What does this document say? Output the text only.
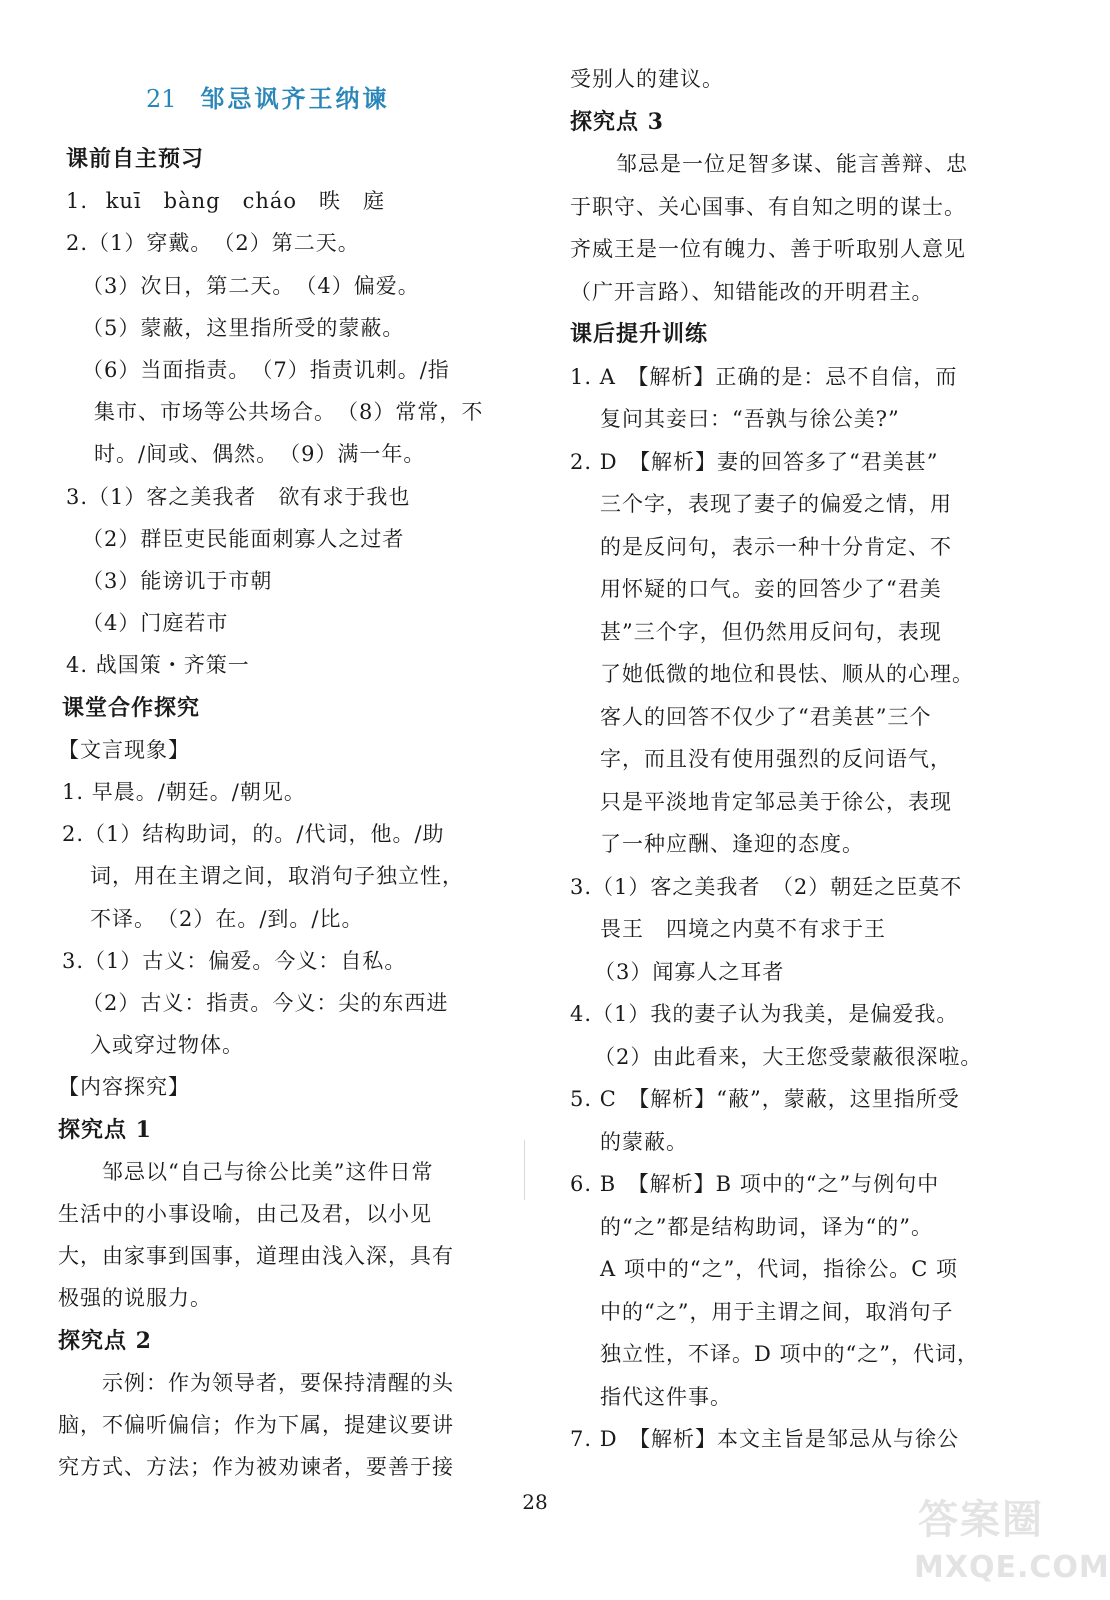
21 邹忌讽齐王纳谏
课前自主预习
1. kuī　bàng　cháo　昳　庭
2.（1）穿戴。　（2）第二天。
（3）次日，第二天。　（4）偏爱。
（5）蒙蔽，这里指所受的蒙蔽。
（6）当面指责。　（7）指责讥刺。/指
集市、市场等公共场合。　（8）常常，不
时。/间或、偶然。　（9）满一年。
3.（1）客之美我者　欲有求于我也
（2）群臣吏民能面刺寡人之过者
（3）能谤讥于市朝
（4）门庭若市
4. 战国策・齐策一
课堂合作探究
【文言现象】
1. 早晨。/朝廷。/朝见。
2.（1）结构助词，的。/代词，他。/助
词，用在主谓之间，取消句子独立性，
不译。　（2）在。/到。/比。
3.（1）古义：偏爱。今义：自私。
（2）古义：指责。今义：尖的东西进
入或穿过物体。
【内容探究】
探究点 1
邹忌以“自己与徐公比美”这件日常
生活中的小事设喻，由己及君，以小见
大，由家事到国事，道理由浅入深，具有
极强的说服力。
探究点 2
示例：作为领导者，要保持清醒的头
脑，不偏听偏信；作为下属，提建议要讲
究方式、方法；作为被劝谏者，要善于接
受别人的建议。
探究点 3
邹忌是一位足智多谋、能言善辩、忠
于职守、关心国事、有自知之明的谋士。
齐威王是一位有魄力、善于听取别人意见
（广开言路）、知错能改的开明君主。
课后提升训练
1. A　【解析】正确的是：忌不自信，而
复问其妾曰：“吾孰与徐公美?”
2. D　【解析】妻的回答多了“君美甚”
三个字，表现了妻子的偏爱之情，用
的是反问句，表示一种十分肯定、不
用怀疑的口气。妾的回答少了“君美
甚”三个字，但仍然用反问句，表现
了她低微的地位和畏怯、顺从的心理。
客人的回答不仅少了“君美甚”三个
字，而且没有使用强烈的反问语气，
只是平淡地肯定邹忌美于徐公，表现
了一种应酬、逢迎的态度。
3.（1）客之美我者　（2）朝廷之臣莫不
畏王　四境之内莫不有求于王
（3）闻寡人之耳者
4.（1）我的妻子认为我美，是偏爱我。
（2）由此看来，大王您受蒙蔽很深啦。
5. C　【解析】“蔽”，蒙蔽，这里指所受
的蒙蔽。
6. B　【解析】B 项中的“之”与例句中
的“之”都是结构助词，译为“的”。
A 项中的“之”，代词，指徐公。C 项
中的“之”，用于主谓之间，取消句子
独立性，不译。D 项中的“之”，代词，
指代这件事。
7. D　【解析】本文主旨是邹忌从与徐公
28	答案圈
MXQE.COM
